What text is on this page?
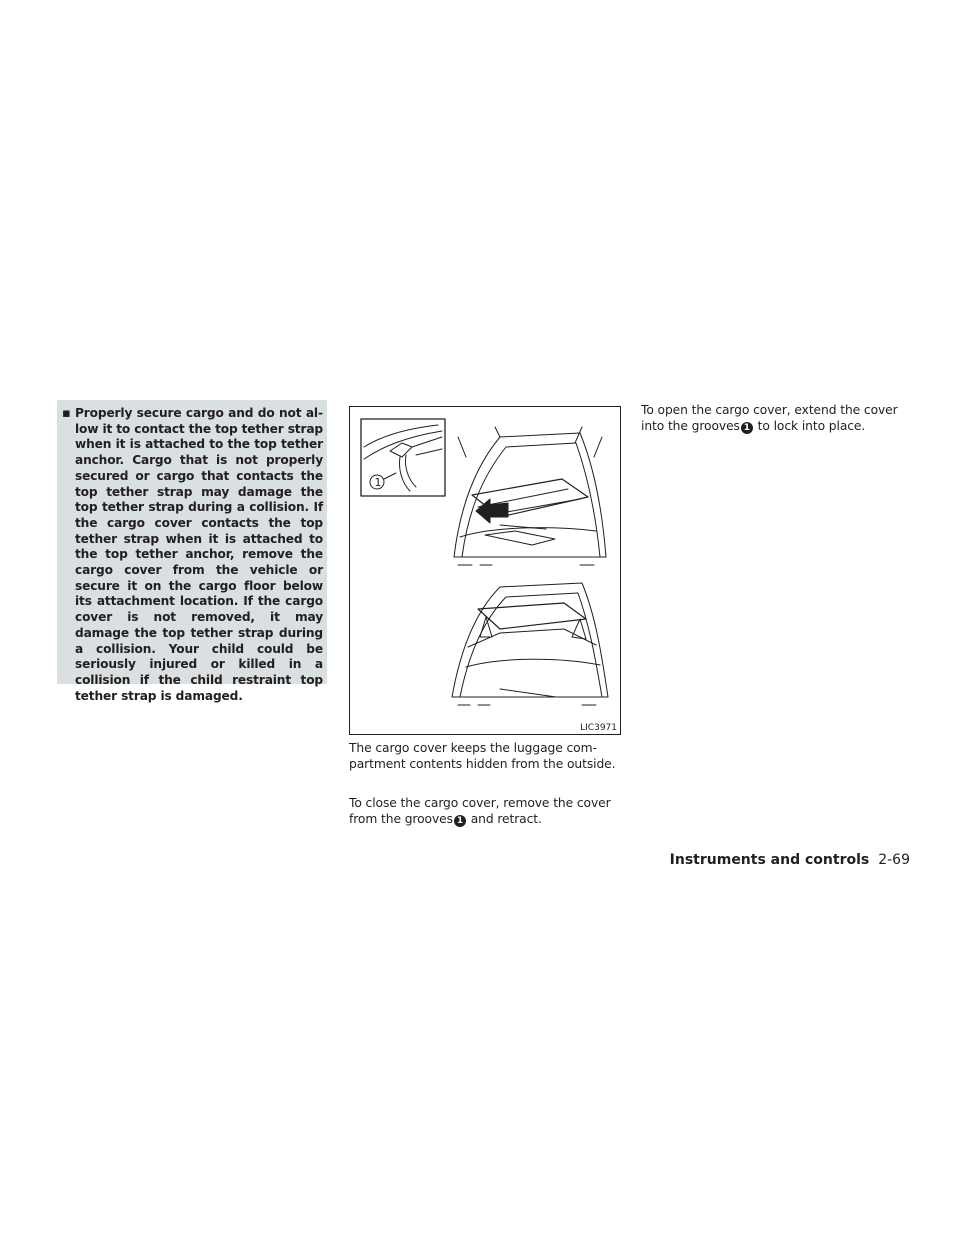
▪ Properly secure cargo and do not allow it to contact the top tether strap when it is attached to the top tether anchor. Cargo that is not properly secured or cargo that contacts the top tether strap may damage the top tether strap during a collision. If the cargo cover contacts the top tether strap when it is attached to the top tether anchor, remove the cargo cover from the vehicle or secure it on the cargo floor below its attachment location. If the cargo cover is not removed, it may damage the top tether strap during a collision. Your child could be seriously injured or killed in a collision if the child restraint top tether strap is damaged.
1
LIC3971

The cargo cover keeps the luggage compartment contents hidden from the outside.

To close the cargo cover, remove the cover from the grooves 1 and retract.

To open the cargo cover, extend the cover into the grooves 1 to lock into place.

Instruments and controls 2-69
